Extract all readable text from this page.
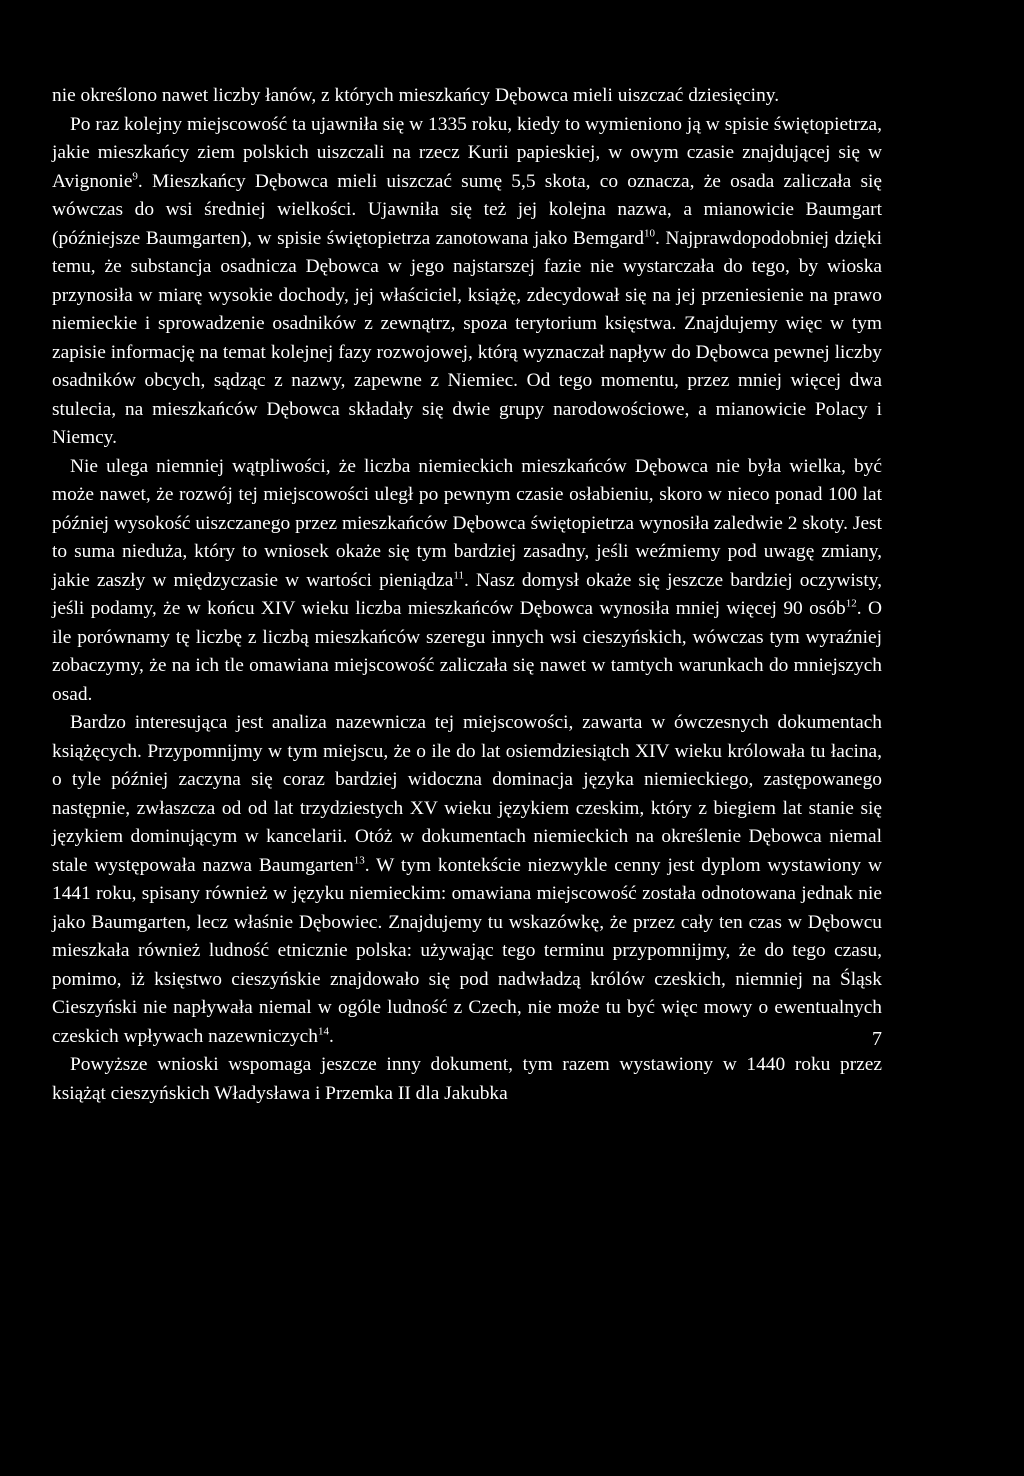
nie określono nawet liczby łanów, z których mieszkańcy Dębowca mieli uiszczać dziesięciny.

Po raz kolejny miejscowość ta ujawniła się w 1335 roku, kiedy to wymieniono ją w spisie świętopietrza, jakie mieszkańcy ziem polskich uiszczali na rzecz Kurii papieskiej, w owym czasie znajdującej się w Avignonie$^9$. Mieszkańcy Dębowca mieli uiszczać sumę 5,5 skota, co oznacza, że osada zaliczała się wówczas do wsi średniej wielkości. Ujawniła się też jej kolejna nazwa, a mianowicie Baumgart (późniejsze Baumgarten), w spisie świętopietrza zanotowana jako Bemgard$^{10}$. Najprawdopodobniej dzięki temu, że substancja osadnicza Dębowca w jego najstarszej fazie nie wystarczała do tego, by wioska przynosiła w miarę wysokie dochody, jej właściciel, książę, zdecydował się na jej przeniesienie na prawo niemieckie i sprowadzenie osadników z zewnątrz, spoza terytorium księstwa. Znajdujemy więc w tym zapisie informację na temat kolejnej fazy rozwojowej, którą wyznaczał napływ do Dębowca pewnej liczby osadników obcych, sądząc z nazwy, zapewne z Niemiec. Od tego momentu, przez mniej więcej dwa stulecia, na mieszkańców Dębowca składały się dwie grupy narodowościowe, a mianowicie Polacy i Niemcy.

Nie ulega niemniej wątpliwości, że liczba niemieckich mieszkańców Dębowca nie była wielka, być może nawet, że rozwój tej miejscowości uległ po pewnym czasie osłabieniu, skoro w nieco ponad 100 lat później wysokość uiszczanego przez mieszkańców Dębowca świętopietrza wynosiła zaledwie 2 skoty. Jest to suma nieduża, który to wniosek okaże się tym bardziej zasadny, jeśli weźmiemy pod uwagę zmiany, jakie zaszły w międzyczasie w wartości pieniądza$^{11}$. Nasz domysł okaże się jeszcze bardziej oczywisty, jeśli podamy, że w końcu XIV wieku liczba mieszkańców Dębowca wynosiła mniej więcej 90 osób$^{12}$. O ile porównamy tę liczbę z liczbą mieszkańców szeregu innych wsi cieszyńskich, wówczas tym wyraźniej zobaczymy, że na ich tle omawiana miejscowość zaliczała się nawet w tamtych warunkach do mniejszych osad.

Bardzo interesująca jest analiza nazewnicza tej miejscowości, zawarta w ówczesnych dokumentach książęcych. Przypomnijmy w tym miejscu, że o ile do lat osiemdziesiątch XIV wieku królowała tu łacina, o tyle później zaczyna się coraz bardziej widoczna dominacja języka niemieckiego, zastępowanego następnie, zwłaszcza od od lat trzydziestych XV wieku językiem czeskim, który z biegiem lat stanie się językiem dominującym w kancelarii. Otóż w dokumentach niemieckich na określenie Dębowca niemal stale występowała nazwa Baumgarten$^{13}$. W tym kontekście niezwykle cenny jest dyplom wystawiony w 1441 roku, spisany również w języku niemieckim: omawiana miejscowość została odnotowana jednak nie jako Baumgarten, lecz właśnie Dębowiec. Znajdujemy tu wskazówkę, że przez cały ten czas w Dębowcu mieszkała również ludność etnicznie polska: używając tego terminu przypomnijmy, że do tego czasu, pomimo, iż księstwo cieszyńskie znajdowało się pod nadwładzą królów czeskich, niemniej na Śląsk Cieszyński nie napływała niemal w ogóle ludność z Czech, nie może tu być więc mowy o ewentualnych czeskich wpływach nazewniczych$^{14}$.

Powyższe wnioski wspomaga jeszcze inny dokument, tym razem wystawiony w 1440 roku przez książąt cieszyńskich Władysława i Przemka II dla Jakubka

7
